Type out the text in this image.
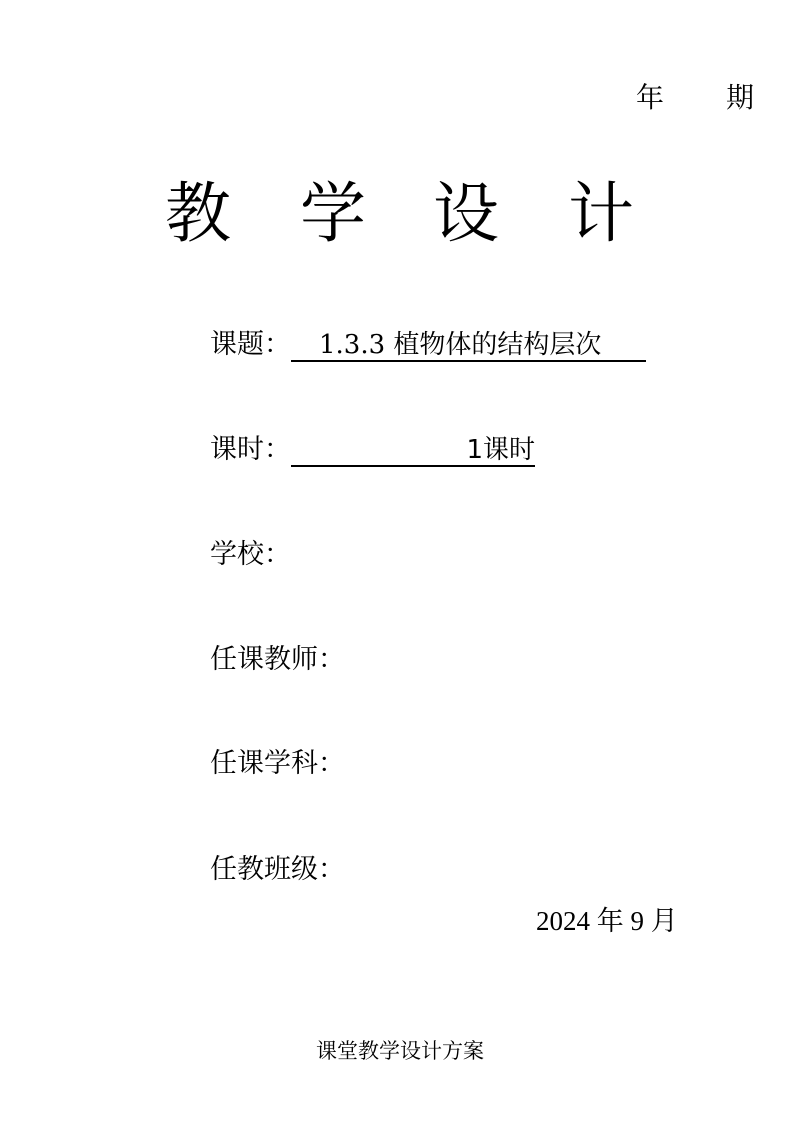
年 期
教 学 设 计
课题： 1.3.3 植物体的结构层次
课时：	1课时
学校：
任课教师：
任课学科：
任教班级：
2024 年 9 月
课堂教学设计方案
